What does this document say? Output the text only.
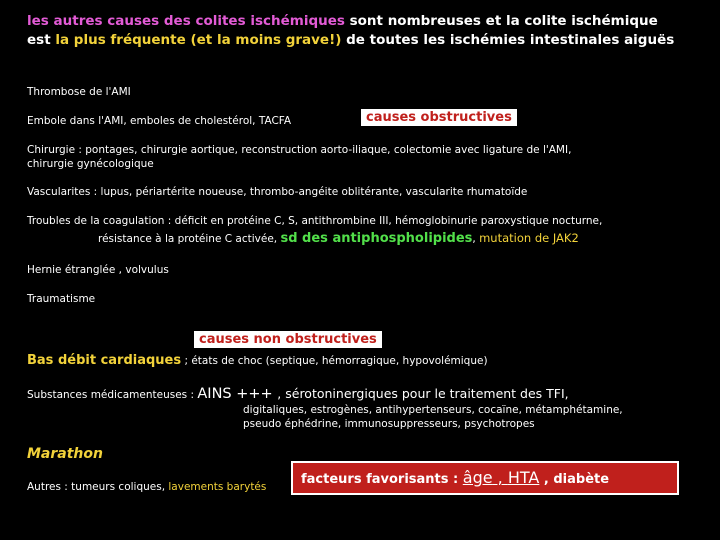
les autres causes des colites ischémiques sont nombreuses et la colite ischémique
est la plus fréquente (et la moins grave!) de toutes les ischémies intestinales aiguës
Thrombose de l'AMI
Embole dans l'AMI, emboles de cholestérol, TACFA	causes obstructives
Chirurgie : pontages, chirurgie aortique, reconstruction aorto-iliaque, colectomie avec ligature de l'AMI,
chirurgie gynécologique
Vascularites : lupus, périartérite noueuse, thrombo-angéite oblitérante, vascularite rhumatoïde
Troubles de la coagulation : déficit en protéine C, S, antithrombine III, hémoglobinurie paroxystique nocturne,
résistance à la protéine C activée, sd des antiphospholipides, mutation de JAK2
Hernie étranglée , volvulus
Traumatisme
causes non obstructives
Bas débit cardiaques ; états de choc (septique, hémorragique, hypovolémique)
Substances médicamenteuses : AINS +++ , sérotoninergiques pour le traitement des TFI,
digitaliques, estrogènes, antihypertenseurs, cocaïne, métamphétamine,
pseudo éphédrine, immunosuppresseurs, psychotropes
Marathon
Autres : tumeurs coliques, lavements barytés	facteurs favorisants : âge , HTA , diabète
